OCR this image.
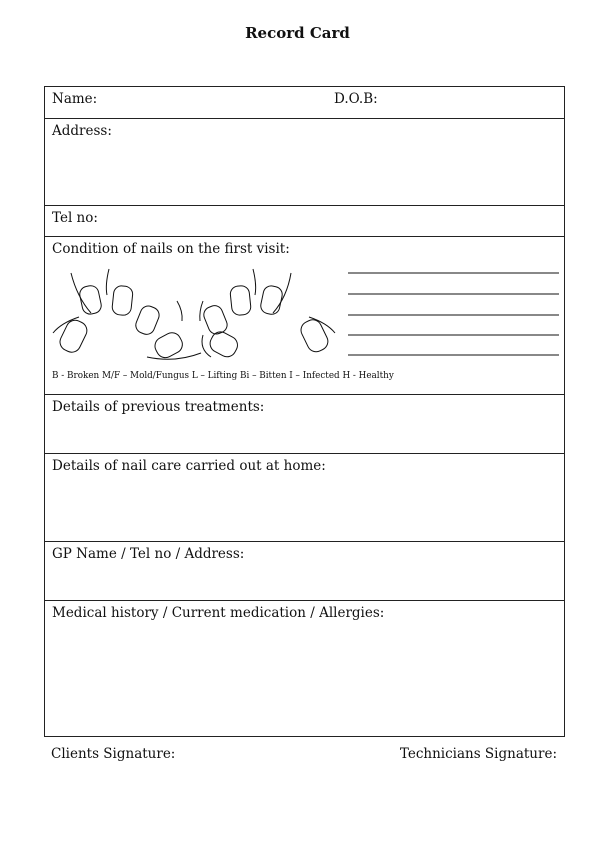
Record Card
Name:	D.O.B:
Address:
Tel no:
Condition of nails on the first visit:
B - Broken M/F – Mold/Fungus L – Lifting Bi – Bitten I – Infected H - Healthy
Details of previous treatments:
Details of nail care carried out at home:
GP Name / Tel no / Address:
Medical history / Current medication / Allergies:
Clients Signature:	Technicians Signature:
